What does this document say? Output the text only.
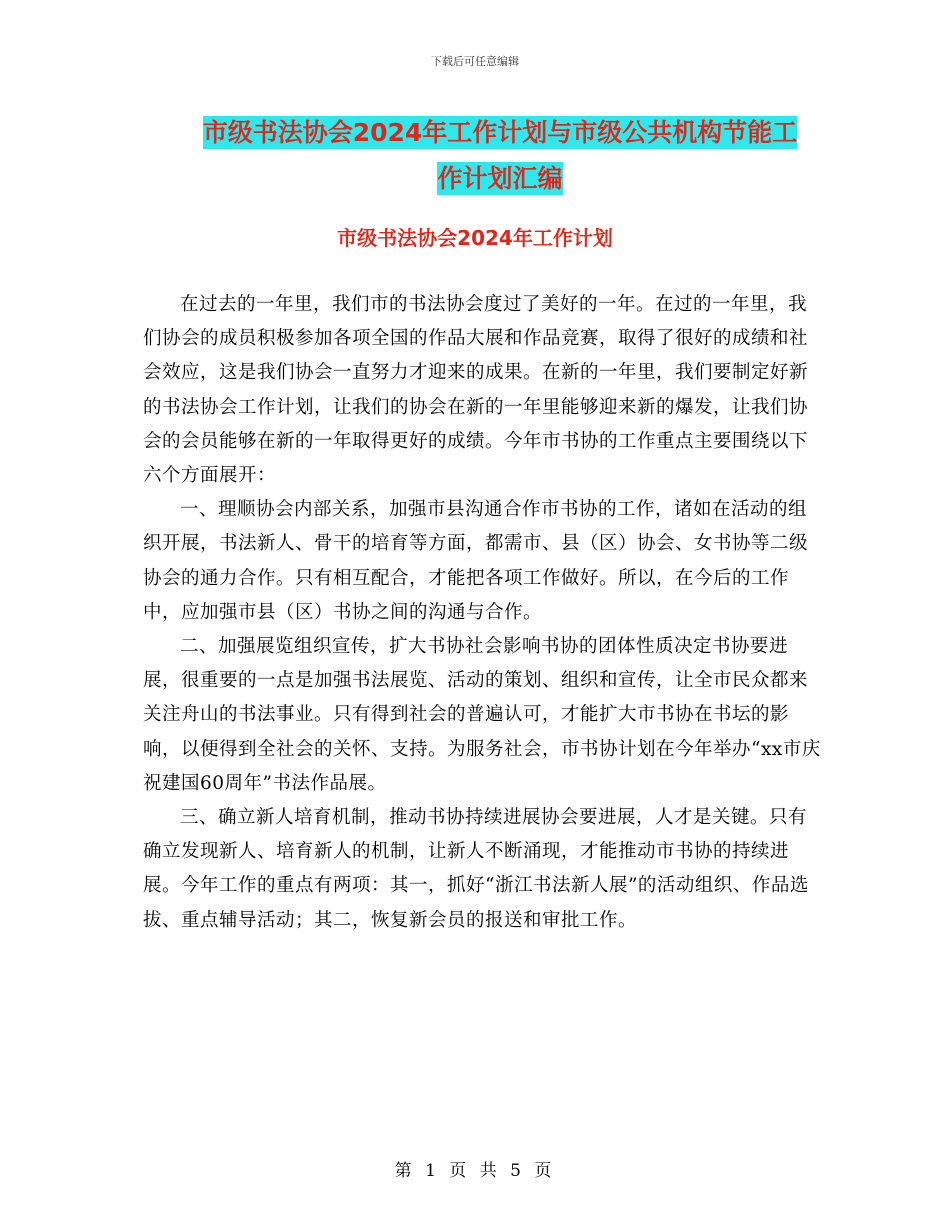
下载后可任意编辑
市级书法协会2024年工作计划与市级公共机构节能工
作计划汇编
市级书法协会2024年工作计划

在过去的一年里，我们市的书法协会度过了美好的一年。在过的一年里，我们协会的成员积极参加各项全国的作品大展和作品竞赛，取得了很好的成绩和社会效应，这是我们协会一直努力才迎来的成果。在新的一年里，我们要制定好新的书法协会工作计划，让我们的协会在新的一年里能够迎来新的爆发，让我们协会的会员能够在新的一年取得更好的成绩。今年市书协的工作重点主要围绕以下六个方面展开：

一、理顺协会内部关系，加强市县沟通合作市书协的工作，诸如在活动的组织开展，书法新人、骨干的培育等方面，都需市、县（区）协会、女书协等二级协会的通力合作。只有相互配合，才能把各项工作做好。所以，在今后的工作中，应加强市县（区）书协之间的沟通与合作。

二、加强展览组织宣传，扩大书协社会影响书协的团体性质决定书协要进展，很重要的一点是加强书法展览、活动的策划、组织和宣传，让全市民众都来关注舟山的书法事业。只有得到社会的普遍认可，才能扩大市书协在书坛的影响，以便得到全社会的关怀、支持。为服务社会，市书协计划在今年举办“xx市庆祝建国60周年”书法作品展。

三、确立新人培育机制，推动书协持续进展协会要进展，人才是关键。只有确立发现新人、培育新人的机制，让新人不断涌现，才能推动市书协的持续进展。今年工作的重点有两项：其一，抓好“浙江书法新人展”的活动组织、作品选拔、重点辅导活动；其二，恢复新会员的报送和审批工作。

第 1 页 共 5 页
